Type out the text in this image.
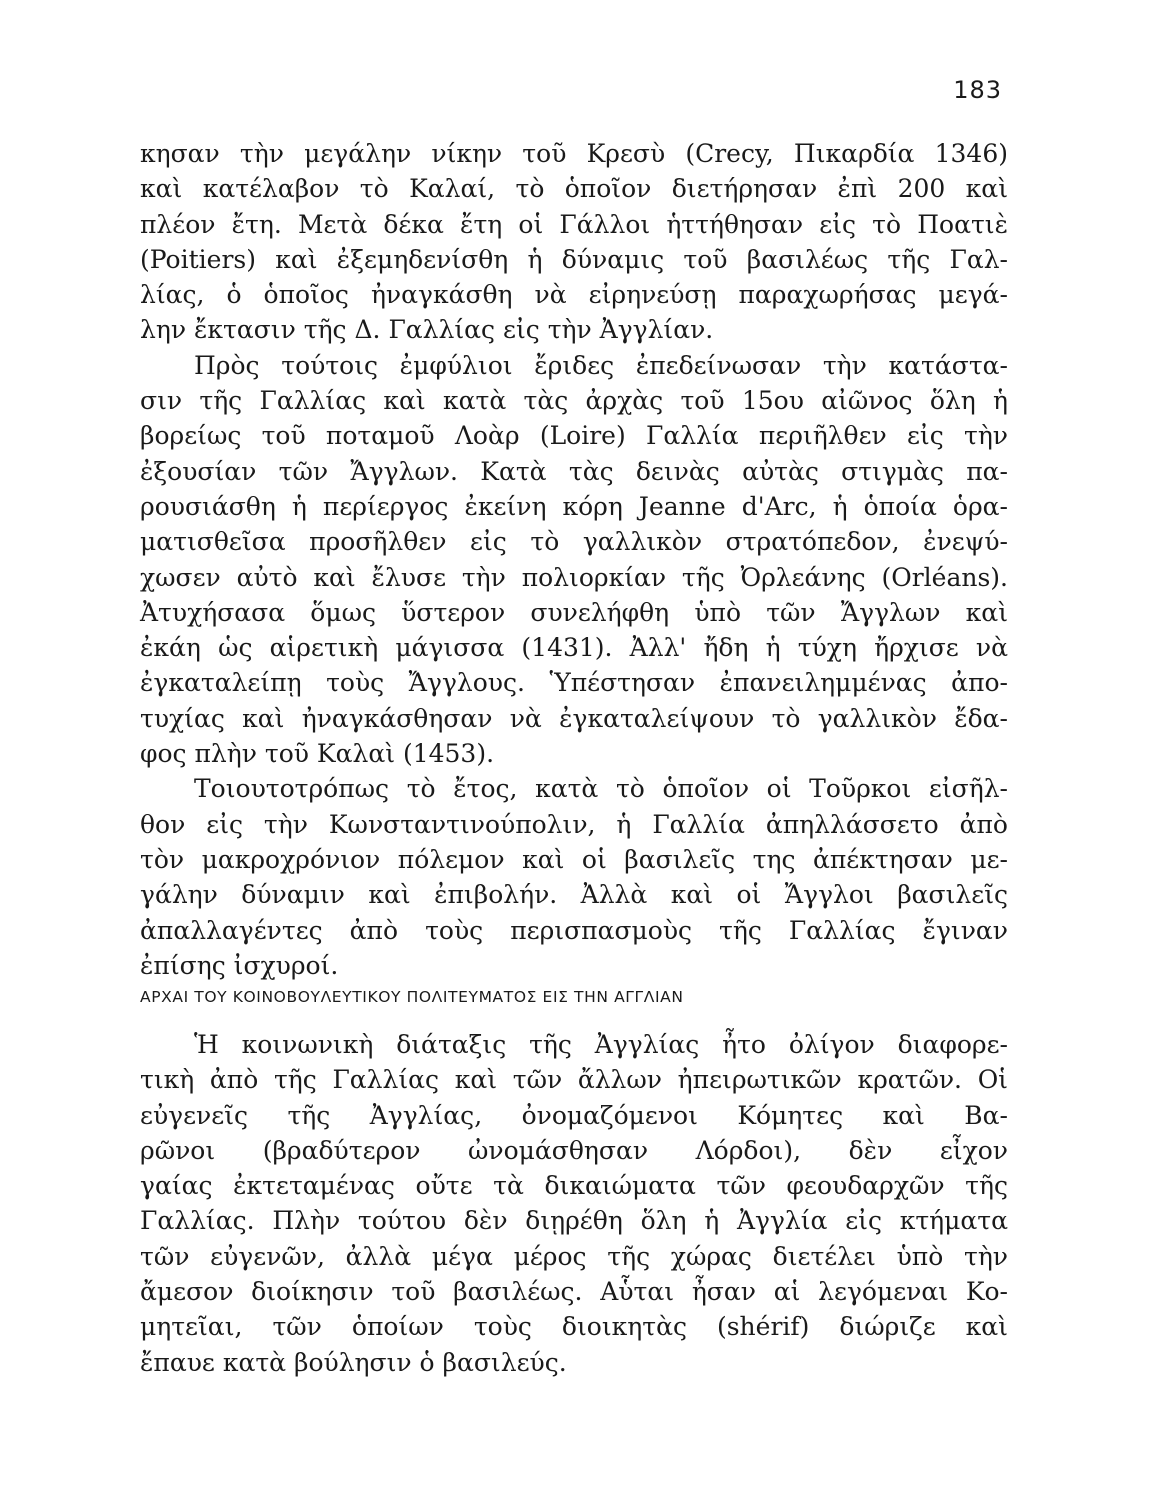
183
κησαν τὴν μεγάλην νίκην τοῦ Κρεσὺ (Crecy, Πικαρδία 1346)
καὶ κατέλαβον τὸ Καλαί, τὸ ὁποῖον διετήρησαν ἐπὶ 200 καὶ
πλέον ἔτη. Μετὰ δέκα ἔτη οἱ Γάλλοι ἡττήθησαν εἰς τὸ Ποατιὲ
(Poitiers) καὶ ἐξεμηδενίσθη ἡ δύναμις τοῦ βασιλέως τῆς Γαλ-
λίας, ὁ ὁποῖος ἠναγκάσθη νὰ εἰρηνεύσῃ παραχωρήσας μεγά-
λην ἔκτασιν τῆς Δ. Γαλλίας εἰς τὴν Ἀγγλίαν.
Πρὸς τούτοις ἐμφύλιοι ἔριδες ἐπεδείνωσαν τὴν κατάστα-
σιν τῆς Γαλλίας καὶ κατὰ τὰς ἀρχὰς τοῦ 15ου αἰῶνος ὅλη ἡ
βορείως τοῦ ποταμοῦ Λοὰρ (Loire) Γαλλία περιῆλθεν εἰς τὴν
ἐξουσίαν τῶν Ἄγγλων. Κατὰ τὰς δεινὰς αὐτὰς στιγμὰς πα-
ρουσιάσθη ἡ περίεργος ἐκείνη κόρη Jeanne d'Arc, ἡ ὁποία ὁρα-
ματισθεῖσα προσῆλθεν εἰς τὸ γαλλικὸν στρατόπεδον, ἐνεψύ-
χωσεν αὐτὸ καὶ ἔλυσε τὴν πολιορκίαν τῆς Ὀρλεάνης (Orléans).
Ἀτυχήσασα ὅμως ὕστερον συνελήφθη ὑπὸ τῶν Ἄγγλων καὶ
ἐκάη ὡς αἱρετικὴ μάγισσα (1431). Ἀλλ' ἤδη ἡ τύχη ἤρχισε νὰ
ἐγκαταλείπῃ τοὺς Ἄγγλους. Ὑπέστησαν ἐπανειλημμένας ἀπο-
τυχίας καὶ ἠναγκάσθησαν νὰ ἐγκαταλείψουν τὸ γαλλικὸν ἔδα-
φος πλὴν τοῦ Καλαὶ (1453).
Τοιουτοτρόπως τὸ ἔτος, κατὰ τὸ ὁποῖον οἱ Τοῦρκοι εἰσῆλ-
θον εἰς τὴν Κωνσταντινούπολιν, ἡ Γαλλία ἀπηλλάσσετο ἀπὸ
τὸν μακροχρόνιον πόλεμον καὶ οἱ βασιλεῖς της ἀπέκτησαν με-
γάλην δύναμιν καὶ ἐπιβολήν. Ἀλλὰ καὶ οἱ Ἄγγλοι βασιλεῖς
ἀπαλλαγέντες ἀπὸ τοὺς περισπασμοὺς τῆς Γαλλίας ἔγιναν
ἐπίσης ἰσχυροί.
ΑΡΧΑΙ ΤΟΥ ΚΟΙΝΟΒΟΥΛΕΥΤΙΚΟΥ ΠΟΛΙΤΕΥΜΑΤΟΣ ΕΙΣ ΤΗΝ ΑΓΓΛΙΑΝ
Ἡ κοινωνικὴ διάταξις τῆς Ἀγγλίας ἦτο ὀλίγον διαφορε-
τικὴ ἀπὸ τῆς Γαλλίας καὶ τῶν ἄλλων ἠπειρωτικῶν κρατῶν. Οἱ
εὐγενεῖς τῆς Ἀγγλίας, ὀνομαζόμενοι Κόμητες καὶ Βα-
ρῶνοι (βραδύτερον ὠνομάσθησαν Λόρδοι), δὲν εἶχον
γαίας ἐκτεταμένας οὔτε τὰ δικαιώματα τῶν φεουδαρχῶν τῆς
Γαλλίας. Πλὴν τούτου δὲν διῃρέθη ὅλη ἡ Ἀγγλία εἰς κτήματα
τῶν εὐγενῶν, ἀλλὰ μέγα μέρος τῆς χώρας διετέλει ὑπὸ τὴν
ἄμεσον διοίκησιν τοῦ βασιλέως. Αὗται ἦσαν αἱ λεγόμεναι Κο-
μητεῖαι, τῶν ὁποίων τοὺς διοικητὰς (shérif) διώριζε καὶ
ἔπαυε κατὰ βούλησιν ὁ βασιλεύς.
